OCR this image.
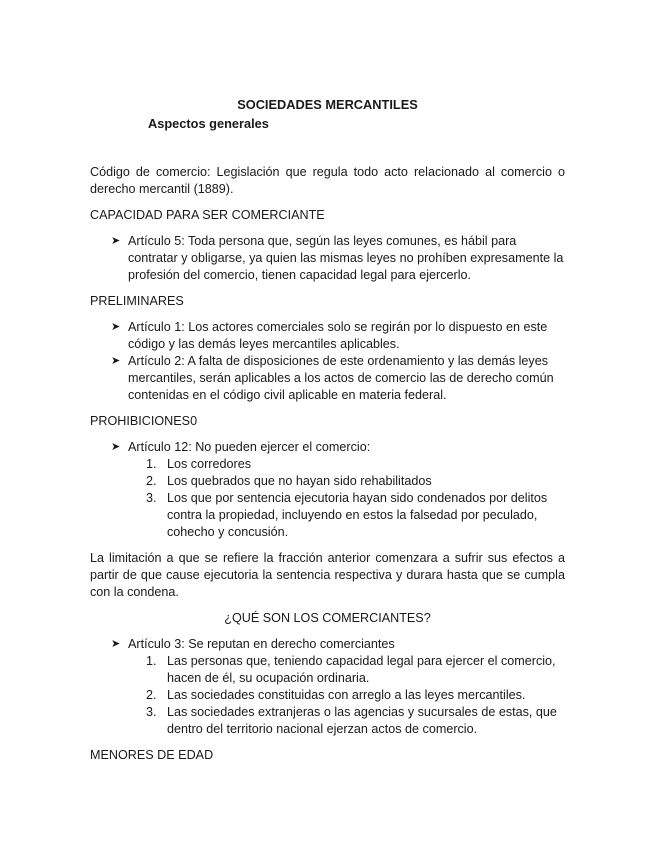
SOCIEDADES MERCANTILES

Aspectos generales

Código de comercio: Legislación que regula todo acto relacionado al comercio o derecho mercantil (1889).

CAPACIDAD PARA SER COMERCIANTE

➤ Artículo 5: Toda persona que, según las leyes comunes, es hábil para contratar y obligarse, ya quien las mismas leyes no prohíben expresamente la profesión del comercio, tienen capacidad legal para ejercerlo.

PRELIMINARES

➤ Artículo 1: Los actores comerciales solo se regirán por lo dispuesto en este código y las demás leyes mercantiles aplicables.
➤ Artículo 2: A falta de disposiciones de este ordenamiento y las demás leyes mercantiles, serán aplicables a los actos de comercio las de derecho común contenidas en el código civil aplicable en materia federal.

PROHIBICIONES0

➤ Artículo 12: No pueden ejercer el comercio:
1. Los corredores
2. Los quebrados que no hayan sido rehabilitados
3. Los que por sentencia ejecutoria hayan sido condenados por delitos contra la propiedad, incluyendo en estos la falsedad por peculado, cohecho y concusión.

La limitación a que se refiere la fracción anterior comenzara a sufrir sus efectos a partir de que cause ejecutoria la sentencia respectiva y durara hasta que se cumpla con la condena.

¿QUÉ SON LOS COMERCIANTES?

➤ Artículo 3: Se reputan en derecho comerciantes
1. Las personas que, teniendo capacidad legal para ejercer el comercio, hacen de él, su ocupación ordinaria.
2. Las sociedades constituidas con arreglo a las leyes mercantiles.
3. Las sociedades extranjeras o las agencias y sucursales de estas, que dentro del territorio nacional ejerzan actos de comercio.

MENORES DE EDAD
